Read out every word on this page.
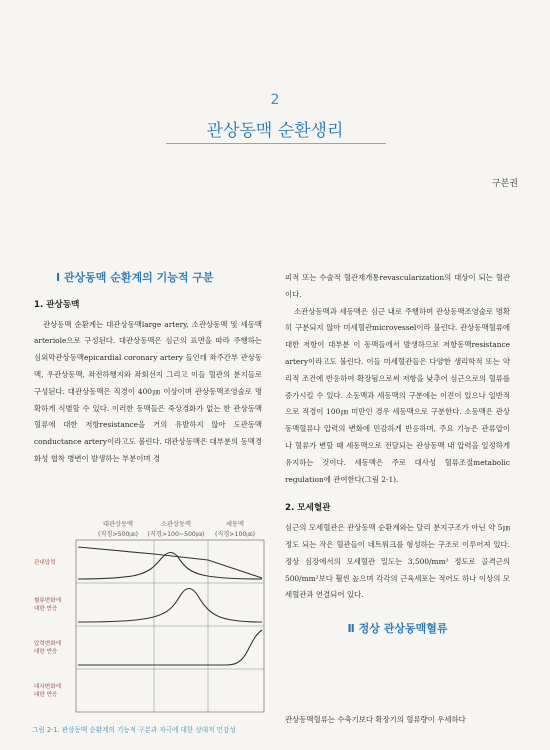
2
관상동맥 순환생리
구본권
Ⅰ 관상동맥 순환계의 기능적 구분
1. 관상동맥

관상동맥 순환계는 대관상동맥large artery, 소관상동맥 및 세동맥arteriole으로 구성된다. 대관상동맥은 심근의 표면을 따라 주행하는 심외막관상동맥epicardial coronary artery 들인데 좌주간부 관상동맥, 우관상동맥, 좌전하행지와 좌회선지 그리고 이들 혈관의 분지들로 구성된다. 대관상동맥은 직경이 400㎛ 이상이며 관상동맥조영술로 명확하게 식별할 수 있다. 이러한 동맥들은 죽상경화가 없는 한 관상동맥혈류에 대한 저항resistance을 거의 유발하지 않아 도관동맥conductance artery이라고도 불린다. 대관상동맥은 대부분의 동맥경화성 협착 병변이 발생하는 부분이며 경

대관상동맥
(직경>500㎛)
소관상동맥
(직경>100~500㎛)
세동맥
(직경>100㎛)
관내압력
혈류변화에
대한 반응
압력변화에
대한 반응
대사변화에
대한 반응
그림 2-1. 관상동맥 순환계의 기능적 구분과 자극에 대한 상대적 민감성

피적 또는 수술적 혈관재개통revascularization의 대상이 되는 혈관이다.

소관상동맥과 세동맥은 심근 내로 주행하며 관상동맥조영술로 명확히 구분되지 않아 미세혈관microvessel이라 불린다. 관상동맥혈류에 대한 저항이 대부분 이 동맥들에서 발생하므로 저항동맥resistance artery이라고도 불린다. 이들 미세혈관들은 다양한 생리학적 또는 약리적 조건에 반응하여 확장됨으로써 저항을 낮추어 심근으로의 혈류를 증가시킬 수 있다. 소동맥과 세동맥의 구분에는 이견이 있으나 일반적으로 직경이 100㎛ 미만인 경우 세동맥으로 구분한다. 소동맥은 관상동맥혈류나 압력의 변화에 민감하게 반응하며, 주요 기능은 관류압이나 혈류가 변할 때 세동맥으로 전달되는 관상동맥 내 압력을 일정하게 유지하는 것이다. 세동맥은 주로 대사성 혈류조절metabolic regulation에 관여한다(그림 2-1).

2. 모세혈관

심근의 모세혈관은 관상동맥 순환계와는 달리 분지구조가 아닌 약 5㎛ 정도 되는 작은 혈관들이 네트워크를 형성하는 구조로 이루어져 있다. 정상 심장에서의 모세혈관 밀도는 3,500/mm² 정도로 골격근의 500/mm²보다 훨씬 높으며 각각의 근육세포는 적어도 하나 이상의 모세혈관과 연결되어 있다.

Ⅱ 정상 관상동맥혈류
관상동맥혈류는 수축기보다 확장기의 혈류량이 우세하다
